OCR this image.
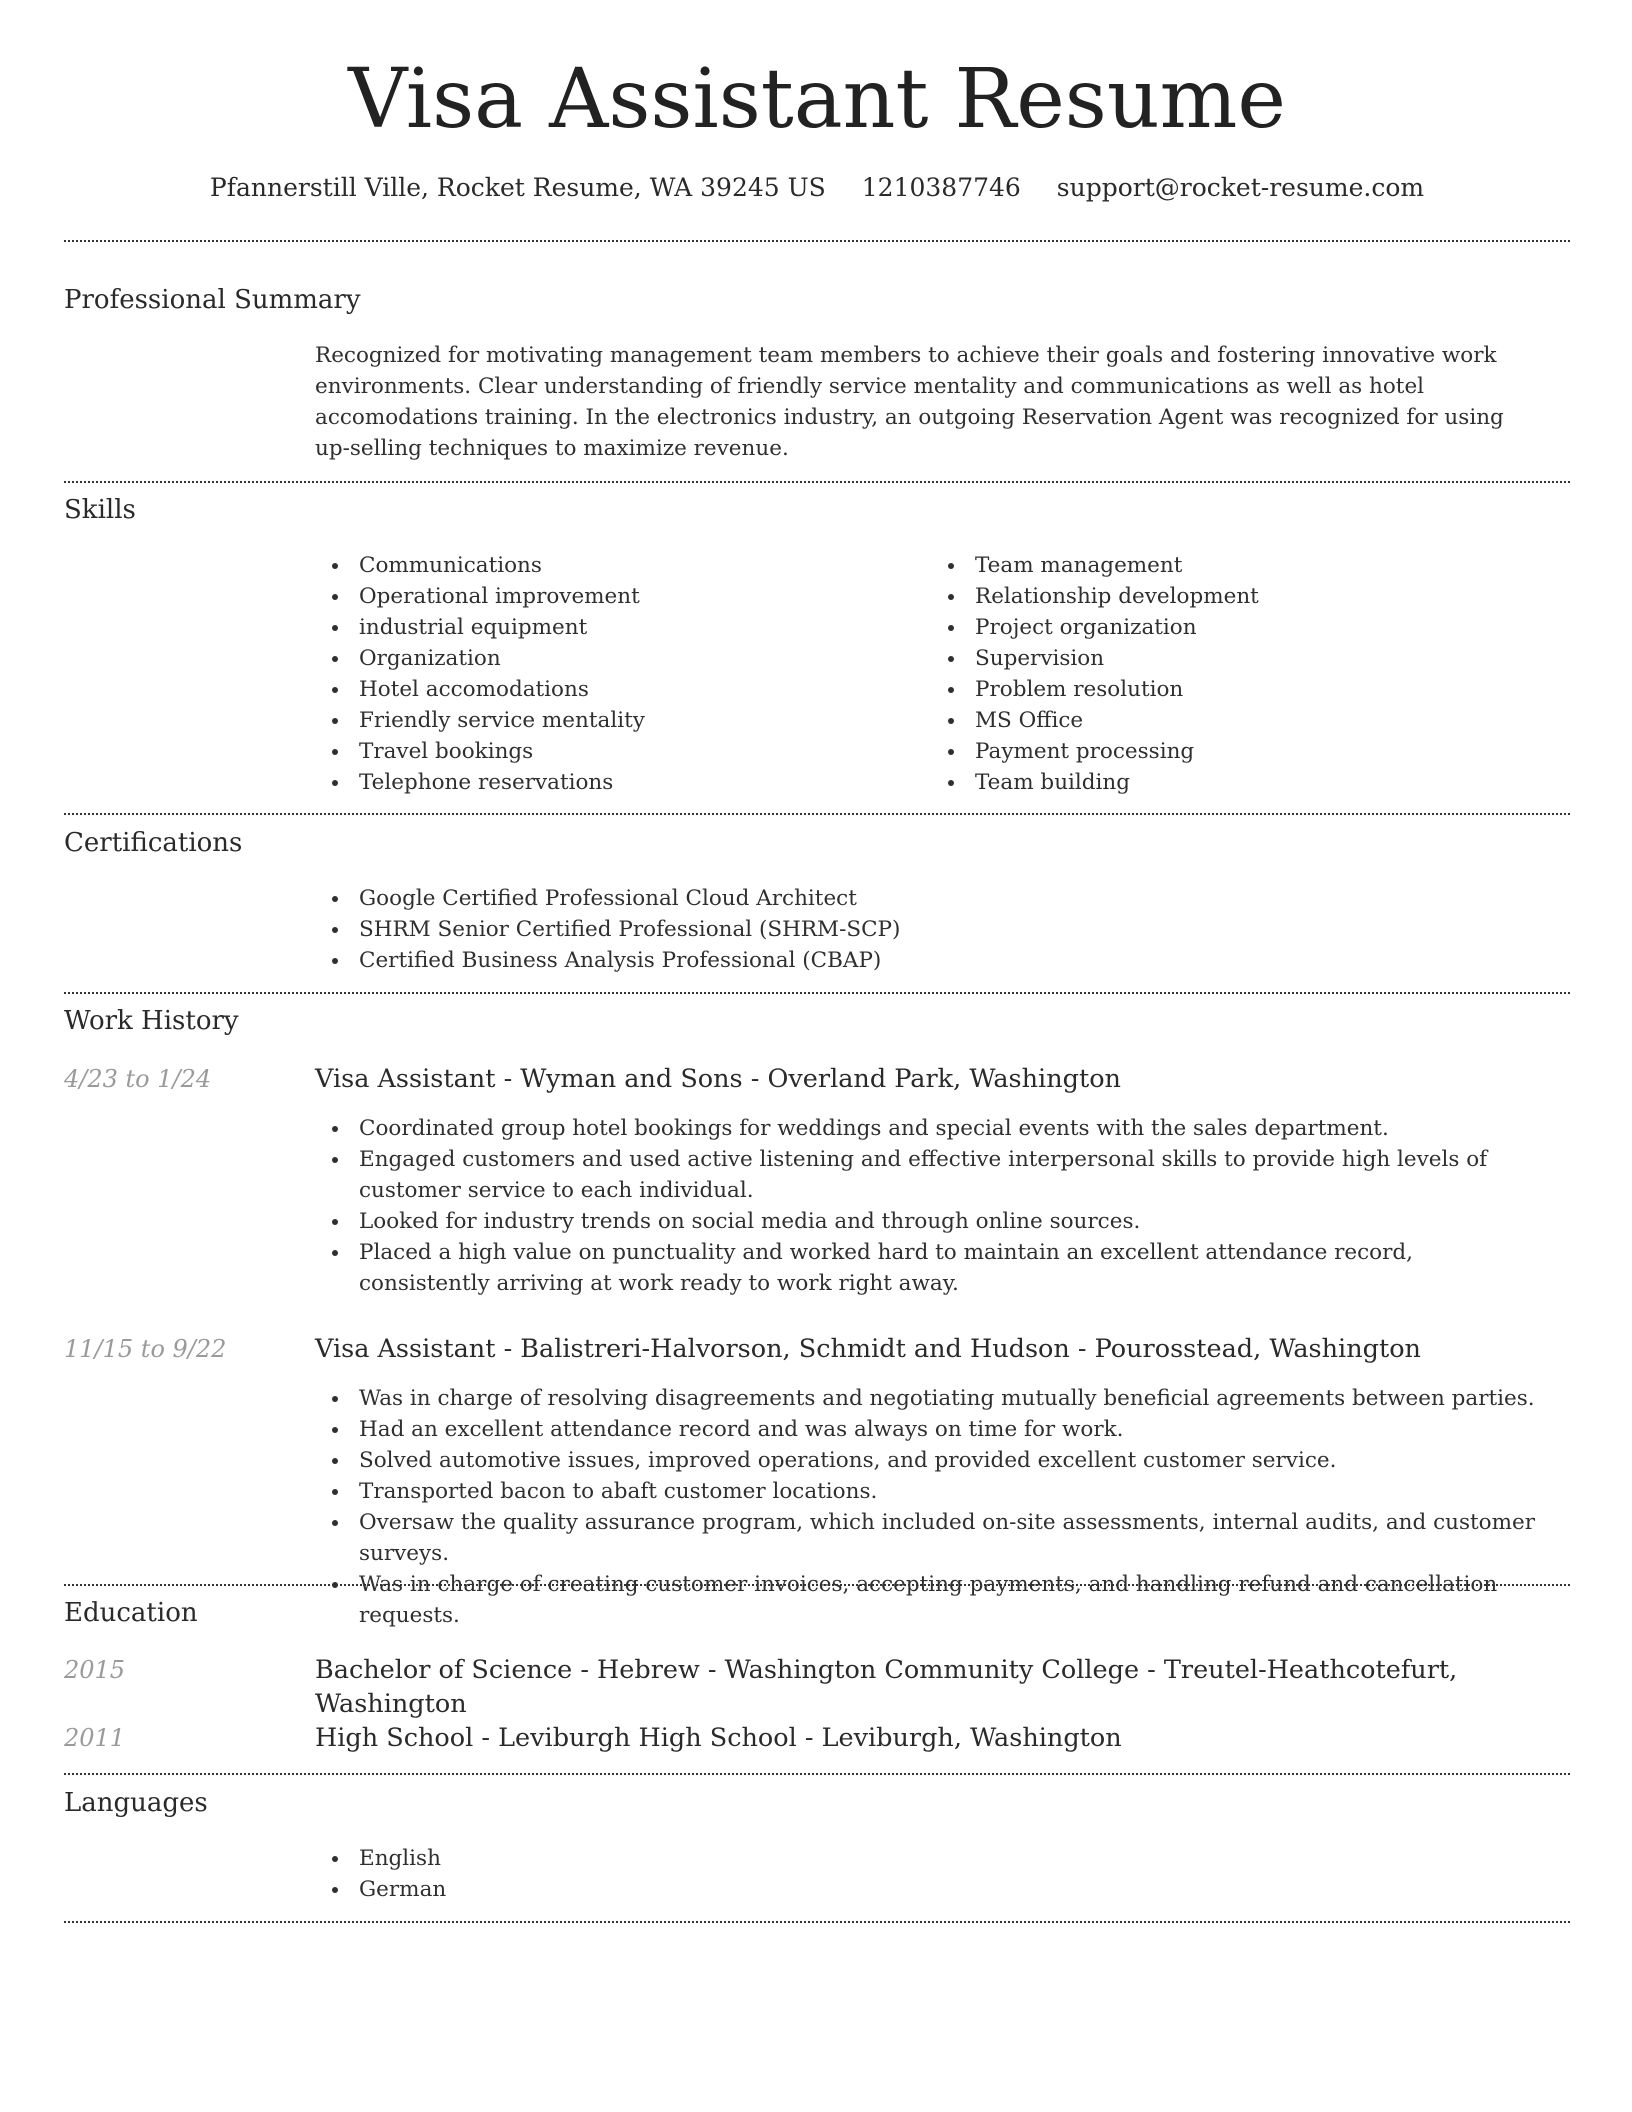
Visa Assistant Resume
Pfannerstill Ville, Rocket Resume, WA 39245 US 1210387746 support@rocket-resume.com
Professional Summary
Recognized for motivating management team members to achieve their goals and fostering innovative work environments. Clear understanding of friendly service mentality and communications as well as hotel accomodations training. In the electronics industry, an outgoing Reservation Agent was recognized for using up-selling techniques to maximize revenue.
Skills
Communications
Operational improvement
industrial equipment
Organization
Hotel accomodations
Friendly service mentality
Travel bookings
Telephone reservations
Team management
Relationship development
Project organization
Supervision
Problem resolution
MS Office
Payment processing
Team building
Certifications
Google Certified Professional Cloud Architect
SHRM Senior Certified Professional (SHRM-SCP)
Certified Business Analysis Professional (CBAP)
Work History
4/23 to 1/24	Visa Assistant - Wyman and Sons - Overland Park, Washington
Coordinated group hotel bookings for weddings and special events with the sales department.
Engaged customers and used active listening and effective interpersonal skills to provide high levels of customer service to each individual.
Looked for industry trends on social media and through online sources.
Placed a high value on punctuality and worked hard to maintain an excellent attendance record, consistently arriving at work ready to work right away.
11/15 to 9/22	Visa Assistant - Balistreri-Halvorson, Schmidt and Hudson - Pourosstead, Washington
Was in charge of resolving disagreements and negotiating mutually beneficial agreements between parties.
Had an excellent attendance record and was always on time for work.
Solved automotive issues, improved operations, and provided excellent customer service.
Transported bacon to abaft customer locations.
Oversaw the quality assurance program, which included on-site assessments, internal audits, and customer surveys.
Was in charge of creating customer invoices, accepting payments, and handling refund and cancellation requests.
Education
2015	Bachelor of Science - Hebrew - Washington Community College - Treutel-Heathcotefurt, Washington
2011	High School - Leviburgh High School - Leviburgh, Washington
Languages
English
German
